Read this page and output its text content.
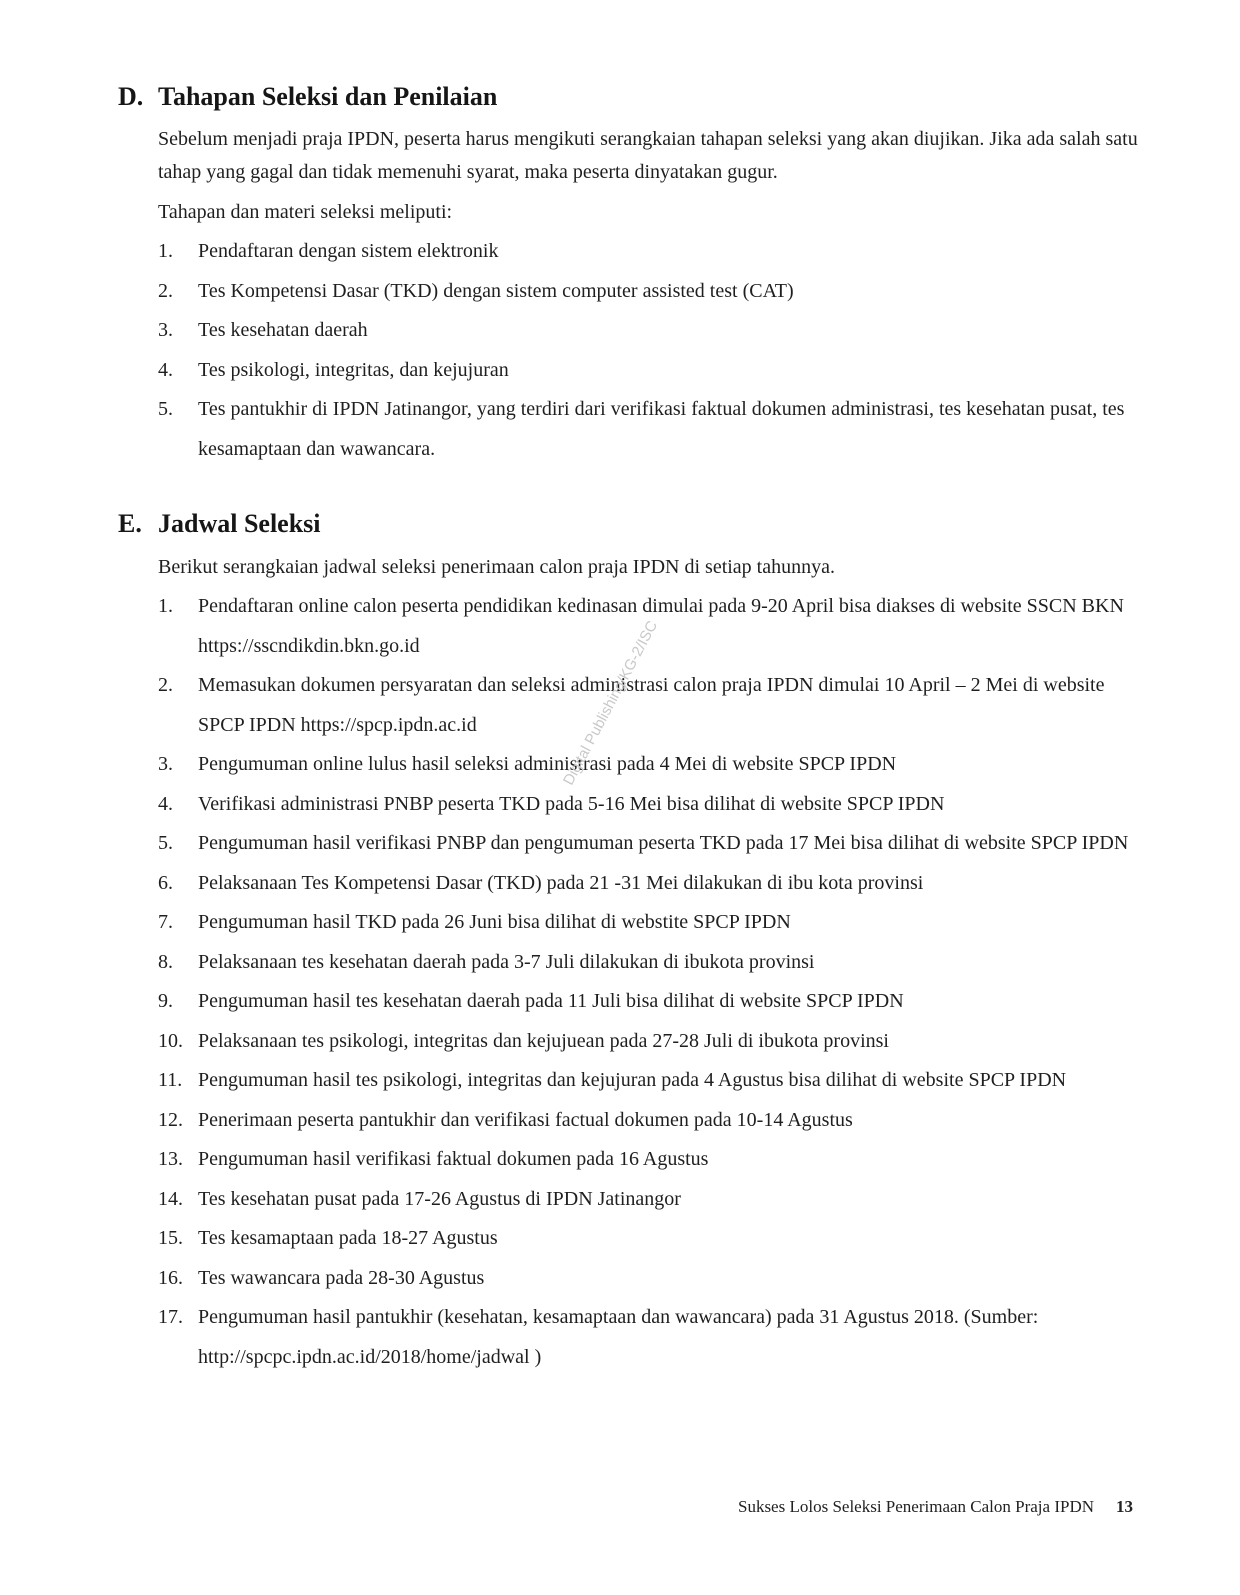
D. Tahapan Seleksi dan Penilaian
Sebelum menjadi praja IPDN, peserta harus mengikuti serangkaian tahapan seleksi yang akan diujikan. Jika ada salah satu tahap yang gagal dan tidak memenuhi syarat, maka peserta dinyatakan gugur.
Tahapan dan materi seleksi meliputi:
1. Pendaftaran dengan sistem elektronik
2. Tes Kompetensi Dasar (TKD) dengan sistem computer assisted test (CAT)
3. Tes kesehatan daerah
4. Tes psikologi, integritas, dan kejujuran
5. Tes pantukhir di IPDN Jatinangor, yang terdiri dari verifikasi faktual dokumen administrasi, tes kesehatan pusat, tes kesamaptaan dan wawancara.
E. Jadwal Seleksi
Berikut serangkaian jadwal seleksi penerimaan calon praja IPDN di setiap tahunnya.
1. Pendaftaran online calon peserta pendidikan kedinasan dimulai pada 9-20 April bisa diakses di website SSCN BKN https://sscndikdin.bkn.go.id
2. Memasukan dokumen persyaratan dan seleksi administrasi calon praja IPDN dimulai 10 April – 2 Mei di website SPCP IPDN https://spcp.ipdn.ac.id
3. Pengumuman online lulus hasil seleksi administrasi pada 4 Mei di website SPCP IPDN
4. Verifikasi administrasi PNBP peserta TKD pada 5-16 Mei bisa dilihat di website SPCP IPDN
5. Pengumuman hasil verifikasi PNBP dan pengumuman peserta TKD pada 17 Mei bisa dilihat di website SPCP IPDN
6. Pelaksanaan Tes Kompetensi Dasar (TKD) pada 21 -31 Mei dilakukan di ibu kota provinsi
7. Pengumuman hasil TKD pada 26 Juni bisa dilihat di webstite SPCP IPDN
8. Pelaksanaan tes kesehatan daerah pada 3-7 Juli dilakukan di ibukota provinsi
9. Pengumuman hasil tes kesehatan daerah pada 11 Juli bisa dilihat di website SPCP IPDN
10. Pelaksanaan tes psikologi, integritas dan kejujuean pada 27-28 Juli di ibukota provinsi
11. Pengumuman hasil tes psikologi, integritas dan kejujuran pada 4 Agustus bisa dilihat di website SPCP IPDN
12. Penerimaan peserta pantukhir dan verifikasi factual dokumen pada 10-14 Agustus
13. Pengumuman hasil verifikasi faktual dokumen pada 16 Agustus
14. Tes kesehatan pusat pada 17-26 Agustus di IPDN Jatinangor
15. Tes kesamaptaan pada 18-27 Agustus
16. Tes wawancara pada 28-30 Agustus
17. Pengumuman hasil pantukhir (kesehatan, kesamaptaan dan wawancara) pada 31 Agustus 2018. (Sumber: http://spcpc.ipdn.ac.id/2018/home/jadwal )
Digital Publishing/KG-2/ISC
Sukses Lolos Seleksi Penerimaan Calon Praja IPDN 13
